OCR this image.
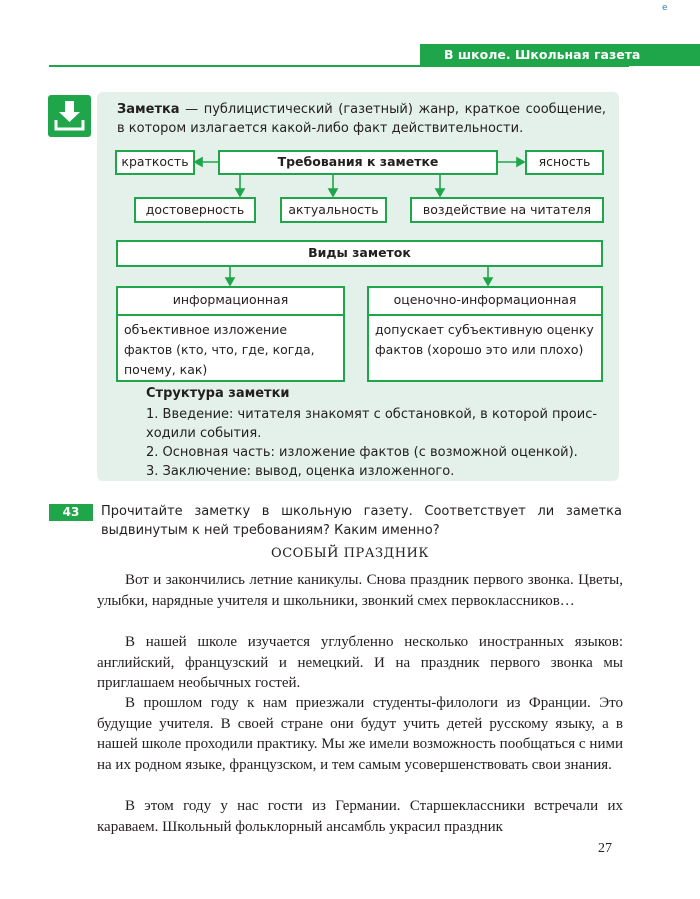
e
В школе. Школьная газета
Заметка — публицистический (газетный) жанр, краткое сообщение, в котором излагается какой-либо факт действительности.
краткость	Требования к заметке	ясность
достоверность	актуальность	воздействие на читателя
Виды заметок
информационная
объективное изложение фактов (кто, что, где, когда, почему, как)
оценочно-информационная
допускает субъективную оценку фактов (хорошо это или плохо)
Структура заметки
1. Введение: читателя знакомят с обстановкой, в которой происходили события.
2. Основная часть: изложение фактов (с возможной оценкой).
3. Заключение: вывод, оценка изложенного.
43	Прочитайте заметку в школьную газету. Соответствует ли заметка выдвинутым к ней требованиям? Каким именно?
ОСОБЫЙ ПРАЗДНИК
Вот и закончились летние каникулы. Снова праздник первого звонка. Цветы, улыбки, нарядные учителя и школьники, звонкий смех первоклассников…
В нашей школе изучается углубленно несколько иностранных языков: английский, французский и немецкий. И на праздник первого звонка мы приглашаем необычных гостей.
В прошлом году к нам приезжали студенты-филологи из Франции. Это будущие учителя. В своей стране они будут учить детей русскому языку, а в нашей школе проходили практику. Мы же имели возможность пообщаться с ними на их родном языке, французском, и тем самым усовершенствовать свои знания.
В этом году у нас гости из Германии. Старшеклассники встречали их караваем. Школьный фольклорный ансамбль украсил праздник
27
